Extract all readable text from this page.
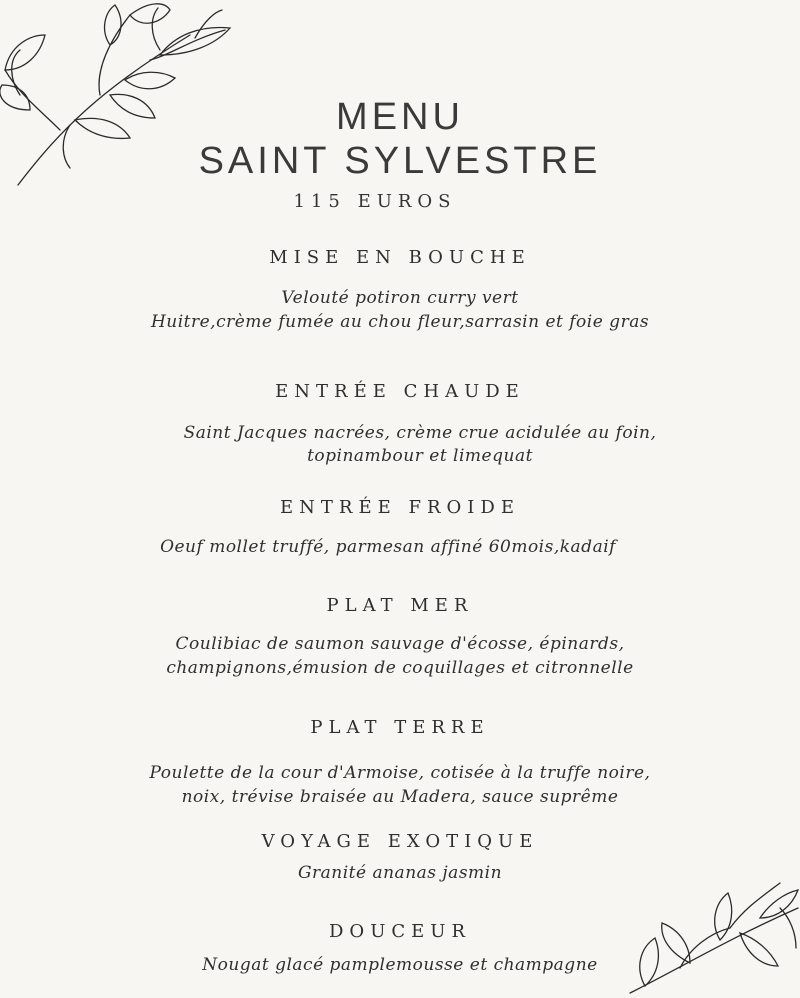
MENU
SAINT SYLVESTRE
115 EUROS
MISE EN BOUCHE
Velouté potiron curry vert
Huitre,crème fumée au chou fleur,sarrasin et foie gras
ENTRÉE CHAUDE
Saint Jacques nacrées, crème crue acidulée au foin,
topinambour et limequat
ENTRÉE FROIDE
Oeuf mollet truffé, parmesan affiné 60mois,kadaif
PLAT MER
Coulibiac de saumon sauvage d'écosse, épinards,
champignons,émusion de coquillages et citronnelle
PLAT TERRE
Poulette de la cour d'Armoise, cotisée à la truffe noire,
noix, trévise braisée au Madera, sauce suprême
VOYAGE EXOTIQUE
Granité ananas jasmin
DOUCEUR
Nougat glacé pamplemousse et champagne
